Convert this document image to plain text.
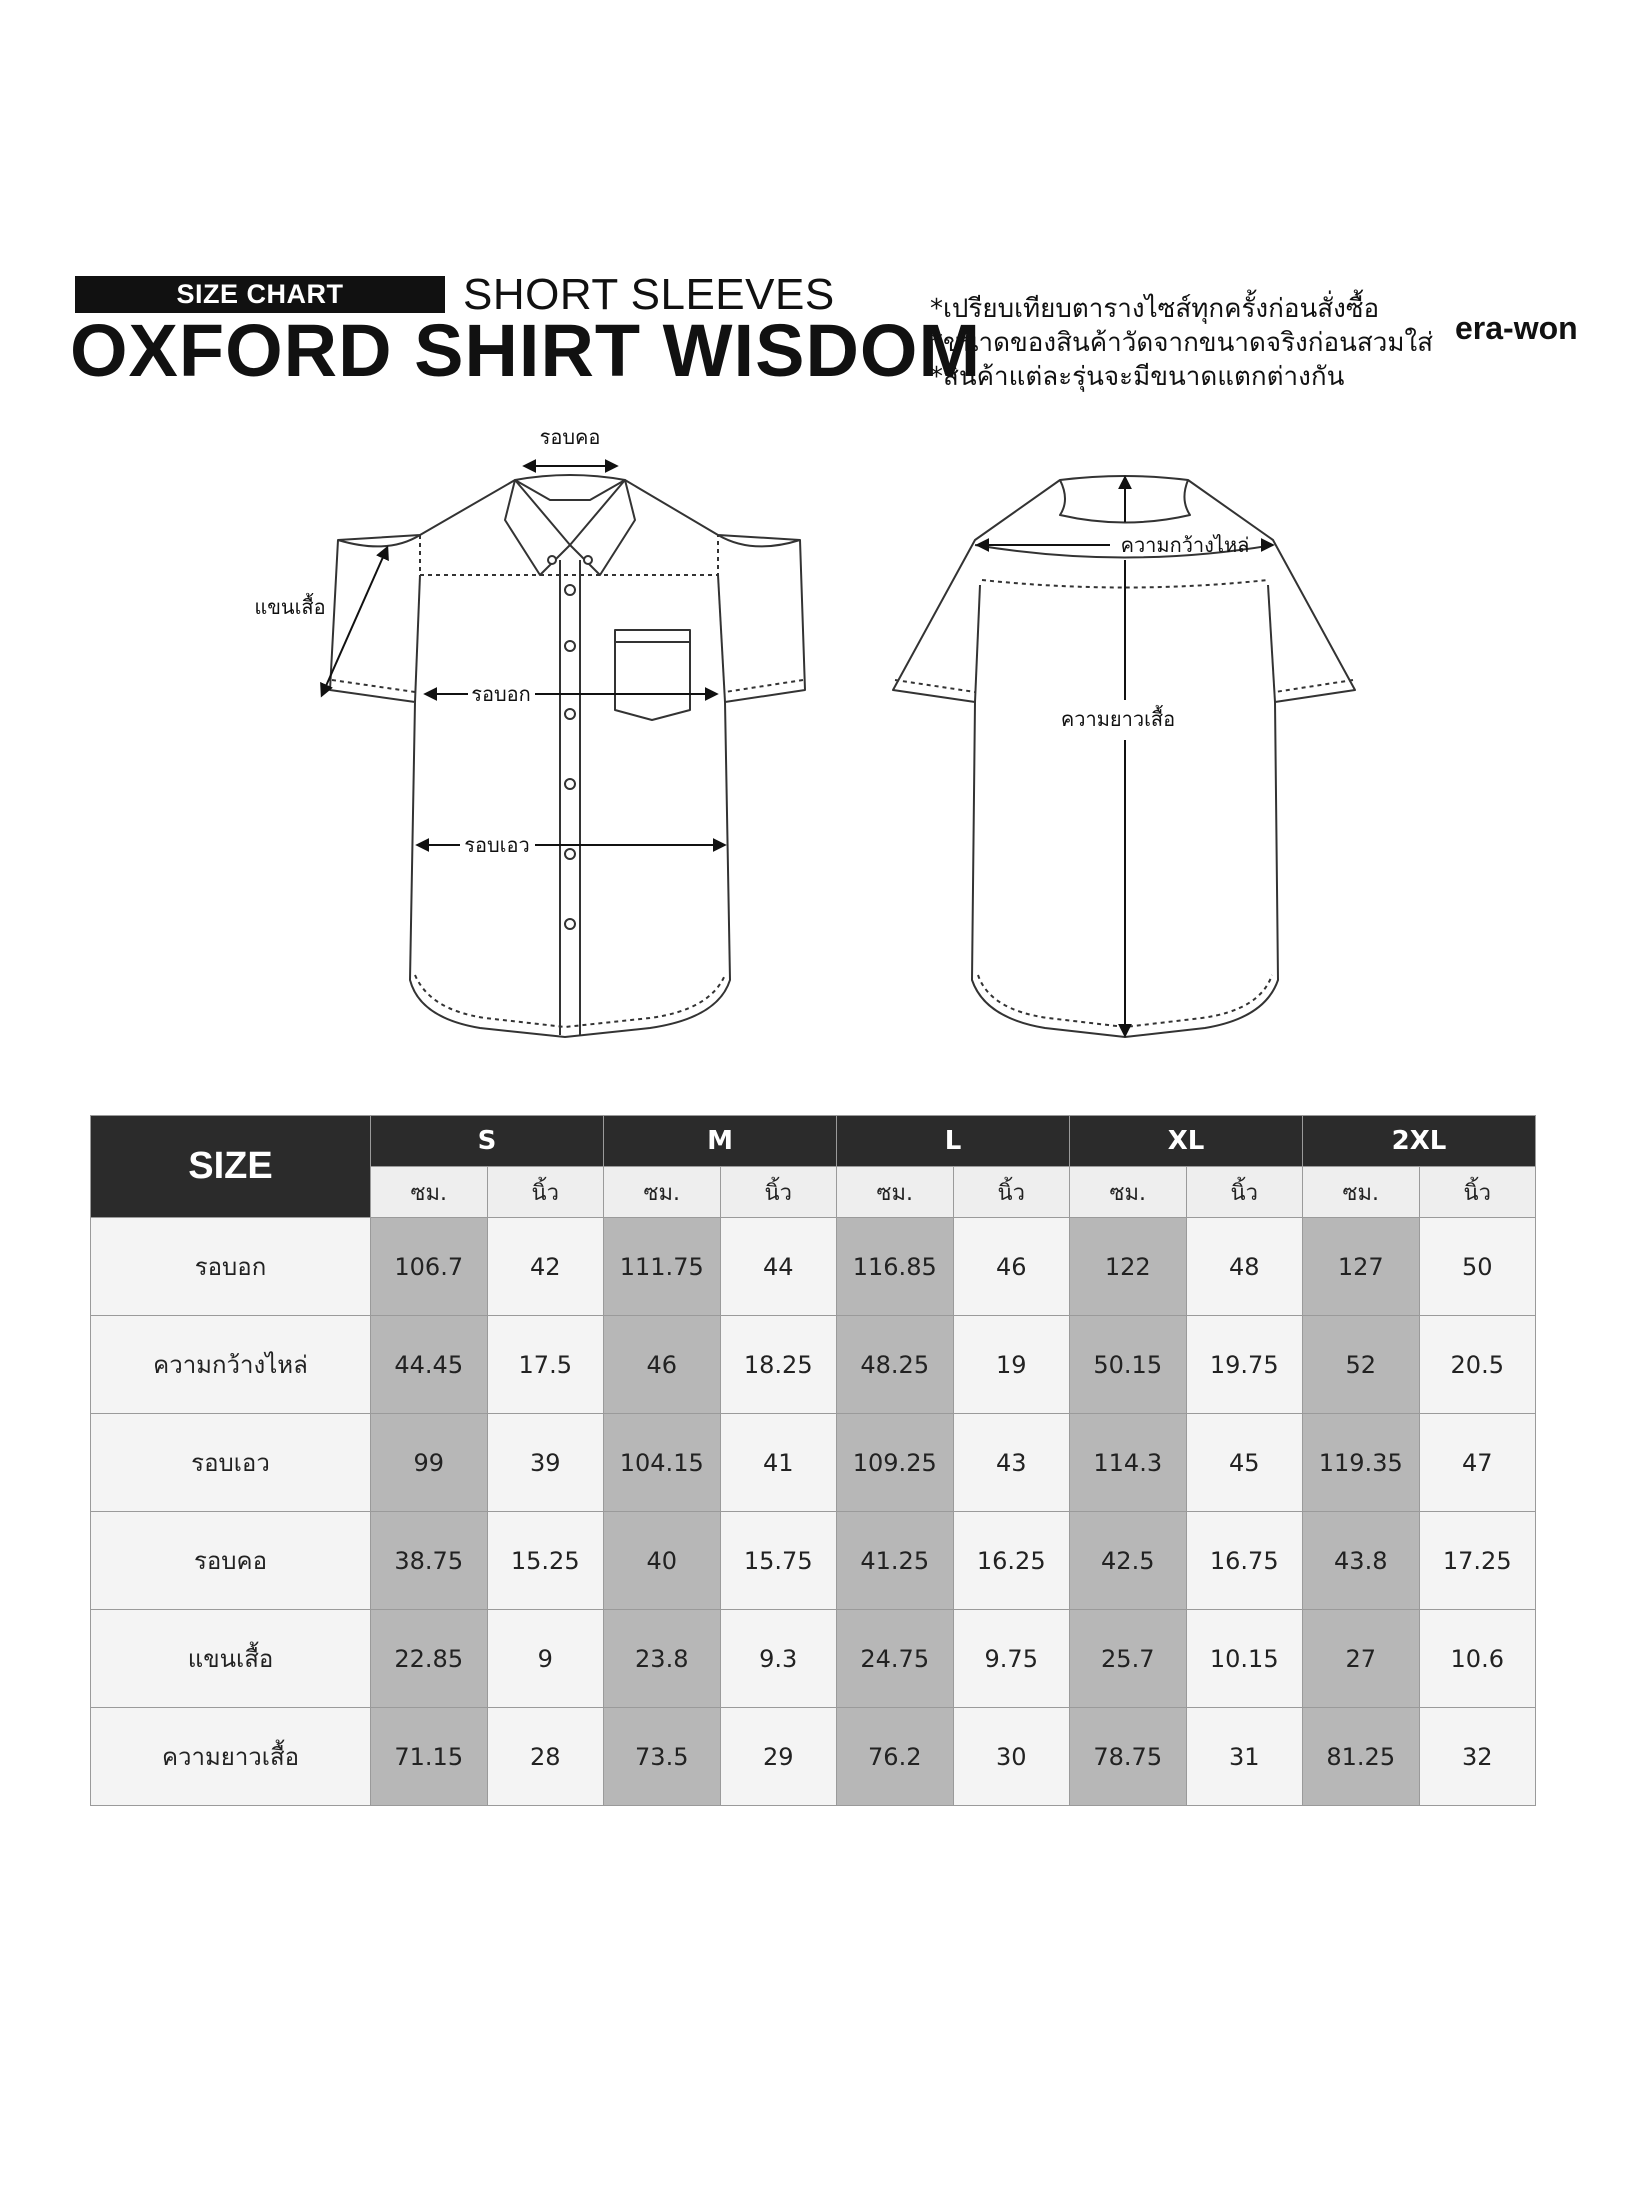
SIZE CHART	SHORT SLEEVES
OXFORD SHIRT WISDOM
*เปรียบเทียบตารางไซส์ทุกครั้งก่อนสั่งซื้อ
*ขนาดของสินค้าวัดจากขนาดจริงก่อนสวมใส่
*สินค้าแต่ละรุ่นจะมีขนาดแตกต่างกัน
era-won
รอบคอ
แขนเสื้อ
รอบอก
รอบเอว
ความกว้างไหล่
ความยาวเสื้อ
SIZE	S		M		L		XL		2XL	
	ซม.	นิ้ว	ซม.	นิ้ว	ซม.	นิ้ว	ซม.	นิ้ว	ซม.	นิ้ว
รอบอก	106.7	42	111.75	44	116.85	46	122	48	127	50
ความกว้างไหล่	44.45	17.5	46	18.25	48.25	19	50.15	19.75	52	20.5
รอบเอว	99	39	104.15	41	109.25	43	114.3	45	119.35	47
รอบคอ	38.75	15.25	40	15.75	41.25	16.25	42.5	16.75	43.8	17.25
แขนเสื้อ	22.85	9	23.8	9.3	24.75	9.75	25.7	10.15	27	10.6
ความยาวเสื้อ	71.15	28	73.5	29	76.2	30	78.75	31	81.25	32
